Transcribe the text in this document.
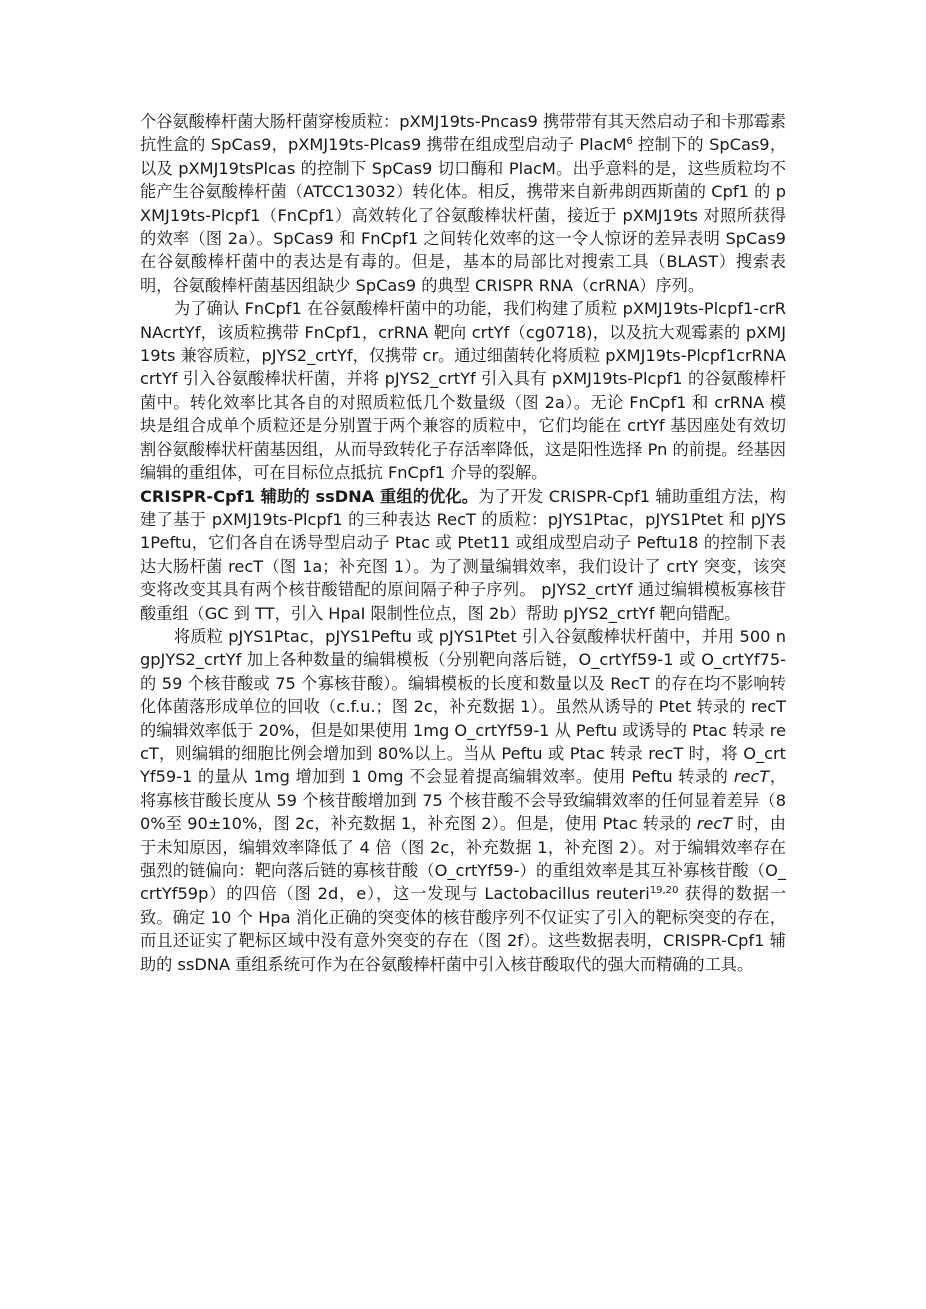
个谷氨酸棒杆菌大肠杆菌穿梭质粒：pXMJ19ts-Pncas9 携带带有其天然启动子和卡那霉素抗性盒的 SpCas9，pXMJ19ts-Plcas9 携带在组成型启动子 PlacM$^6$ 控制下的 SpCas9，以及 pXMJ19tsPlcas 的控制下 SpCas9 切口酶和 PlacM。出乎意料的是，这些质粒均不能产生谷氨酸棒杆菌（ATCC13032）转化体。相反，携带来自新弗朗西斯菌的 Cpf1 的 pXMJ19ts-Plcpf1（FnCpf1）高效转化了谷氨酸棒状杆菌，接近于 pXMJ19ts 对照所获得的效率（图 2a）。SpCas9 和 FnCpf1 之间转化效率的这一令人惊讶的差异表明 SpCas9 在谷氨酸棒杆菌中的表达是有毒的。但是，基本的局部比对搜索工具（BLAST）搜索表明，谷氨酸棒杆菌基因组缺少 SpCas9 的典型 CRISPR RNA（crRNA）序列。

为了确认 FnCpf1 在谷氨酸棒杆菌中的功能，我们构建了质粒 pXMJ19ts-Plcpf1-crRNAcrtYf，该质粒携带 FnCpf1，crRNA 靶向 crtYf（cg0718)，以及抗大观霉素的 pXMJ19ts 兼容质粒，pJYS2_crtYf，仅携带 cr。通过细菌转化将质粒 pXMJ19ts-Plcpf1crRNAcrtYf 引入谷氨酸棒状杆菌，并将 pJYS2_crtYf 引入具有 pXMJ19ts-Plcpf1 的谷氨酸棒杆菌中。转化效率比其各自的对照质粒低几个数量级（图 2a）。无论 FnCpf1 和 crRNA 模块是组合成单个质粒还是分别置于两个兼容的质粒中，它们均能在 crtYf 基因座处有效切割谷氨酸棒状杆菌基因组，从而导致转化子存活率降低，这是阳性选择 Pn 的前提。经基因编辑的重组体，可在目标位点抵抗 FnCpf1 介导的裂解。

CRISPR-Cpf1 辅助的 ssDNA 重组的优化。为了开发 CRISPR-Cpf1 辅助重组方法，构建了基于 pXMJ19ts-Plcpf1 的三种表达 RecT 的质粒：pJYS1Ptac，pJYS1Ptet 和 pJYS1Peftu，它们各自在诱导型启动子 Ptac 或 Ptet11 或组成型启动子 Peftu18 的控制下表达大肠杆菌 recT（图 1a；补充图 1）。为了测量编辑效率，我们设计了 crtY 突变，该突变将改变其具有两个核苷酸错配的原间隔子种子序列。 pJYS2_crtYf 通过编辑模板寡核苷酸重组（GC 到 TT，引入 HpaI 限制性位点，图 2b）帮助 pJYS2_crtYf 靶向错配。

将质粒 pJYS1Ptac，pJYS1Peftu 或 pJYS1Ptet 引入谷氨酸棒状杆菌中，并用 500 ngpJYS2_crtYf 加上各种数量的编辑模板（分别靶向落后链，O_crtYf59-1 或 O_crtYf75-的 59 个核苷酸或 75 个寡核苷酸）。编辑模板的长度和数量以及 RecT 的存在均不影响转化体菌落形成单位的回收（c.f.u.；图 2c，补充数据 1）。虽然从诱导的 Ptet 转录的 recT 的编辑效率低于 20%，但是如果使用 1mg O_crtYf59-1 从 Peftu 或诱导的 Ptac 转录 recT，则编辑的细胞比例会增加到 80%以上。当从 Peftu 或 Ptac 转录 recT 时，将 O_crtYf59-1 的量从 1mg 增加到 1 0mg 不会显着提高编辑效率。使用 Peftu 转录的 recT，将寡核苷酸长度从 59 个核苷酸增加到 75 个核苷酸不会导致编辑效率的任何显着差异（80%至 90±10%，图 2c，补充数据 1，补充图 2）。但是，使用 Ptac 转录的 recT 时，由于未知原因，编辑效率降低了 4 倍（图 2c，补充数据 1，补充图 2）。对于编辑效率存在强烈的链偏向：靶向落后链的寡核苷酸（O_crtYf59-）的重组效率是其互补寡核苷酸（O_crtYf59p）的四倍（图 2d，e），这一发现与 Lactobacillus reuteri$^{19,20}$ 获得的数据一致。确定 10 个 Hpa 消化正确的突变体的核苷酸序列不仅证实了引入的靶标突变的存在，而且还证实了靶标区域中没有意外突变的存在（图 2f）。这些数据表明，CRISPR-Cpf1 辅助的 ssDNA 重组系统可作为在谷氨酸棒杆菌中引入核苷酸取代的强大而精确的工具。
